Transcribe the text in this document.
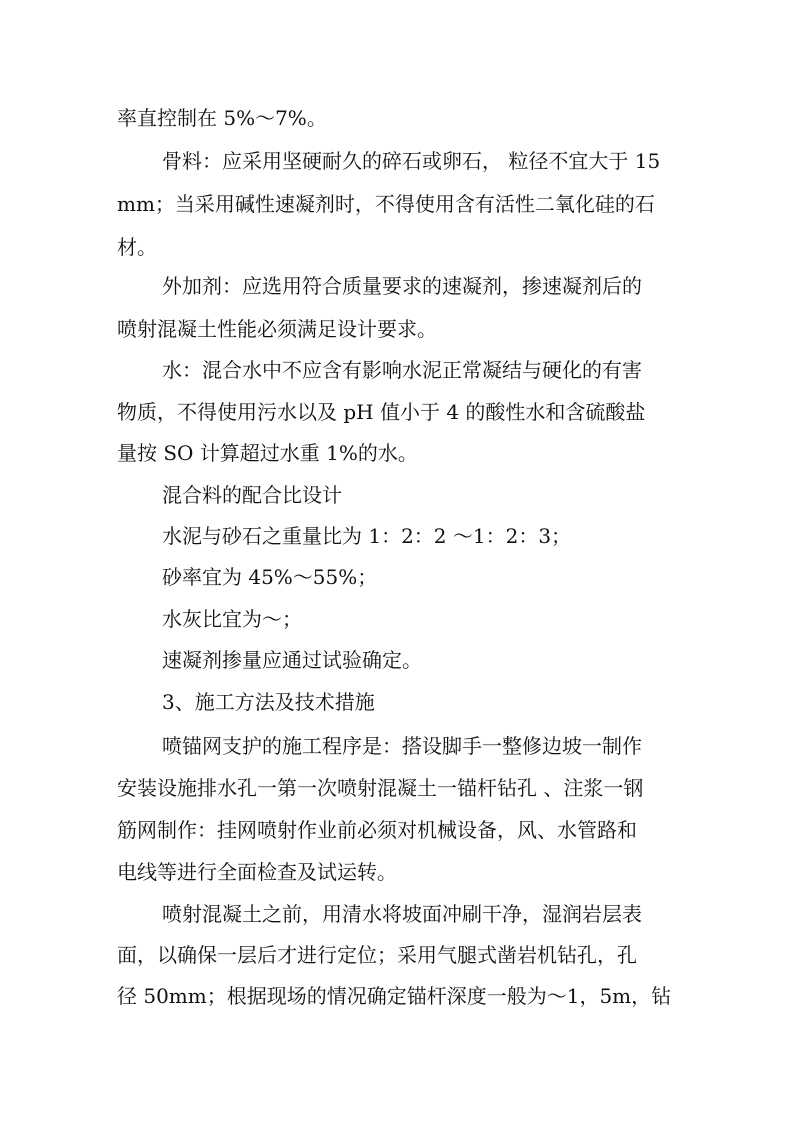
率直控制在 5%～7%。

骨料：应采用坚硬耐久的碎石或卵石， 粒径不宜大于 15

mm；当采用碱性速凝剂时，不得使用含有活性二氧化硅的石

材。

外加剂：应选用符合质量要求的速凝剂，掺速凝剂后的

喷射混凝土性能必须满足设计要求。

水：混合水中不应含有影响水泥正常凝结与硬化的有害

物质，不得使用污水以及 pH 值小于 4 的酸性水和含硫酸盐

量按 SO 计算超过水重 1%的水。

混合料的配合比设计

水泥与砂石之重量比为 1：2：2 ～1：2：3；

砂率宜为 45%～55%；

水灰比宜为～；

速凝剂掺量应通过试验确定。

3、施工方法及技术措施

喷锚网支护的施工程序是：搭设脚手一整修边坡一制作

安装设施排水孔一第一次喷射混凝土一锚杆钻孔 、注浆一钢

筋网制作：挂网喷射作业前必须对机械设备，风、水管路和

电线等进行全面检查及试运转。

喷射混凝土之前，用清水将坡面冲刷干净，湿润岩层表

面，以确保一层后才进行定位；采用气腿式凿岩机钻孔，孔

径 50mm；根据现场的情况确定锚杆深度一般为～1，5m，钻
